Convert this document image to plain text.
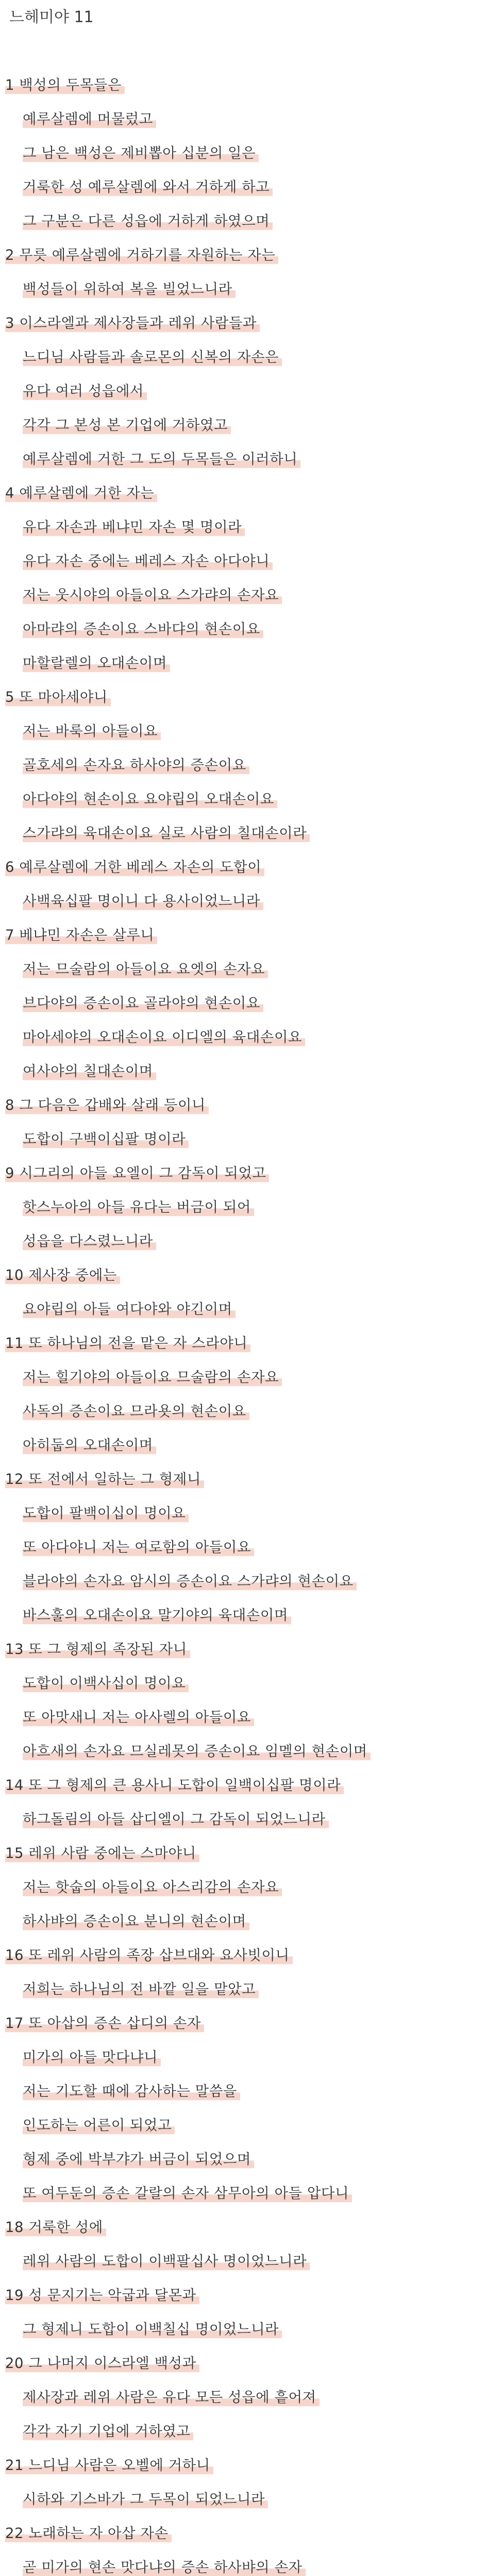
느헤미야 11
1 백성의 두목들은
예루살렘에 머물렀고
그 남은 백성은 제비뽑아 십분의 일은
거룩한 성 예루살렘에 와서 거하게 하고
그 구분은 다른 성읍에 거하게 하였으며
2 무릇 예루살렘에 거하기를 자원하는 자는
백성들이 위하여 복을 빌었느니라
3 이스라엘과 제사장들과 레위 사람들과
느디님 사람들과 솔로몬의 신복의 자손은
유다 여러 성읍에서
각각 그 본성 본 기업에 거하였고
예루살렘에 거한 그 도의 두목들은 이러하니
4 예루살렘에 거한 자는
유다 자손과 베냐민 자손 몇 명이라
유다 자손 중에는 베레스 자손 아다야니
저는 웃시야의 아들이요 스가랴의 손자요
아마랴의 증손이요 스바댜의 현손이요
마할랄렐의 오대손이며
5 또 마아세야니
저는 바룩의 아들이요
골호세의 손자요 하사야의 증손이요
아다야의 현손이요 요야립의 오대손이요
스가랴의 육대손이요 실로 사람의 칠대손이라
6 예루살렘에 거한 베레스 자손의 도합이
사백육십팔 명이니 다 용사이었느니라
7 베냐민 자손은 살루니
저는 므술람의 아들이요 요엣의 손자요
브다야의 증손이요 골라야의 현손이요
마아세야의 오대손이요 이디엘의 육대손이요
여사야의 칠대손이며
8 그 다음은 갑배와 살래 등이니
도합이 구백이십팔 명이라
9 시그리의 아들 요엘이 그 감독이 되었고
핫스누아의 아들 유다는 버금이 되어
성읍을 다스렸느니라
10 제사장 중에는
요야립의 아들 여다야와 야긴이며
11 또 하나님의 전을 맡은 자 스라야니
저는 힐기야의 아들이요 므술람의 손자요
사독의 증손이요 므라욧의 현손이요
아히둡의 오대손이며
12 또 전에서 일하는 그 형제니
도합이 팔백이십이 명이요
또 아다야니 저는 여로함의 아들이요
블라야의 손자요 암시의 증손이요 스가랴의 현손이요
바스훌의 오대손이요 말기야의 육대손이며
13 또 그 형제의 족장된 자니
도합이 이백사십이 명이요
또 아맛새니 저는 아사렐의 아들이요
아흐새의 손자요 므실레못의 증손이요 임멜의 현손이며
14 또 그 형제의 큰 용사니 도합이 일백이십팔 명이라
하그돌림의 아들 삽디엘이 그 감독이 되었느니라
15 레위 사람 중에는 스마야니
저는 핫숩의 아들이요 아스리감의 손자요
하사뱌의 증손이요 분니의 현손이며
16 또 레위 사람의 족장 삽브대와 요사빗이니
저희는 하나님의 전 바깥 일을 맡았고
17 또 아삽의 증손 삽디의 손자
미가의 아들 맛다냐니
저는 기도할 때에 감사하는 말씀을
인도하는 어른이 되었고
형제 중에 박부갸가 버금이 되었으며
또 여두둔의 증손 갈랄의 손자 삼무아의 아들 압다니
18 거룩한 성에
레위 사람의 도합이 이백팔십사 명이었느니라
19 성 문지기는 악굽과 달몬과
그 형제니 도합이 이백칠십 명이었느니라
20 그 나머지 이스라엘 백성과
제사장과 레위 사람은 유다 모든 성읍에 흩어져
각각 자기 기업에 거하였고
21 느디님 사람은 오벨에 거하니
시하와 기스바가 그 두목이 되었느니라
22 노래하는 자 아삽 자손
곧 미가의 현손 맛다냐의 증손 하사뱌의 손자
